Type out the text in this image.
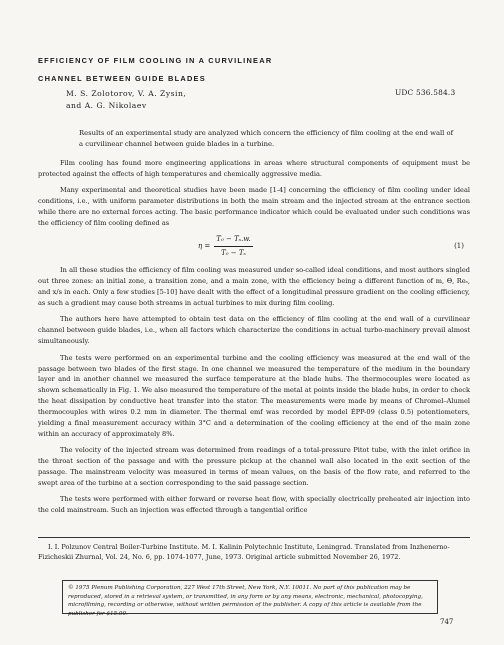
EFFICIENCY OF FILM COOLING IN A CURVILINEAR
CHANNEL BETWEEN GUIDE BLADES
M. S. Zolotorov, V. A. Zysin,
and A. G. Nikolaev
UDC 536.584.3
Results of an experimental study are analyzed which concern the efficiency of film cooling at the end wall of a curvilinear channel between guide blades in a turbine.

Film cooling has found more engineering applications in areas where structural components of equipment must be protected against the effects of high temperatures and chemically aggressive media.

Many experimental and theoretical studies have been made [1-4] concerning the efficiency of film cooling under ideal conditions, i.e., with uniform parameter distributions in both the main stream and the injected stream at the entrance section while there are no external forces acting. The basic performance indicator which could be evaluated under such conditions was the efficiency of film cooling defined as

$\eta = \frac{\text{T₀ − Tₛ.w.}}{\text{T₀ − Tₛ}}$	(1)

In all these studies the efficiency of film cooling was measured under so-called ideal conditions, and most authors singled out three zones: an initial zone, a transition zone, and a main zone, with the efficiency being a different function of m, Θ, Reₛ, and x/s in each. Only a few studies [5-10] have dealt with the effect of a longitudinal pressure gradient on the cooling efficiency, as such a gradient may cause both streams in actual turbines to mix during film cooling.

The authors here have attempted to obtain test data on the efficiency of film cooling at the end wall of a curvilinear channel between guide blades, i.e., when all factors which characterize the conditions in actual turbo-machinery prevail almost simultaneously.

The tests were performed on an experimental turbine and the cooling efficiency was measured at the end wall of the passage between two blades of the first stage. In one channel we measured the temperature of the medium in the boundary layer and in another channel we measured the surface temperature at the blade hubs. The thermocouples were located as shown schematically in Fig. 1. We also measured the temperature of the metal at points inside the blade hubs, in order to check the heat dissipation by conductive heat transfer into the stator. The measurements were made by means of Chromel–Alumel thermocouples with wires 0.2 mm in diameter. The thermal emf was recorded by model ÉPP-09 (class 0.5) potentiometers, yielding a final measurement accuracy within 3°C and a determination of the cooling efficiency at the end of the main zone within an accuracy of approximately 8%.

The velocity of the injected stream was determined from readings of a total-pressure Pitot tube, with the inlet orifice in the throat section of the passage and with the pressure pickup at the channel wall also located in the exit section of the passage. The mainstream velocity was measured in terms of mean values, on the basis of the flow rate, and referred to the swept area of the turbine at a section corresponding to the said passage section.

The tests were performed with either forward or reverse heat flow, with specially electrically preheated air injection into the cold mainstream. Such an injection was effected through a tangential orifice

I. I. Polzunov Central Boiler-Turbine Institute. M. I. Kalinin Polytechnic Institute, Leningrad. Translated from Inzhenerno-Fizicheskii Zhurnal, Vol. 24, No. 6, pp. 1074-1077, June, 1973. Original article submitted November 26, 1972.
© 1975 Plenum Publishing Corporation, 227 West 17th Street, New York, N.Y. 10011. No part of this publication may be reproduced, stored in a retrieval system, or transmitted, in any form or by any means, electronic, mechanical, photocopying, microfilming, recording or otherwise, without written permission of the publisher. A copy of this article is available from the publisher for $15.00.
747
